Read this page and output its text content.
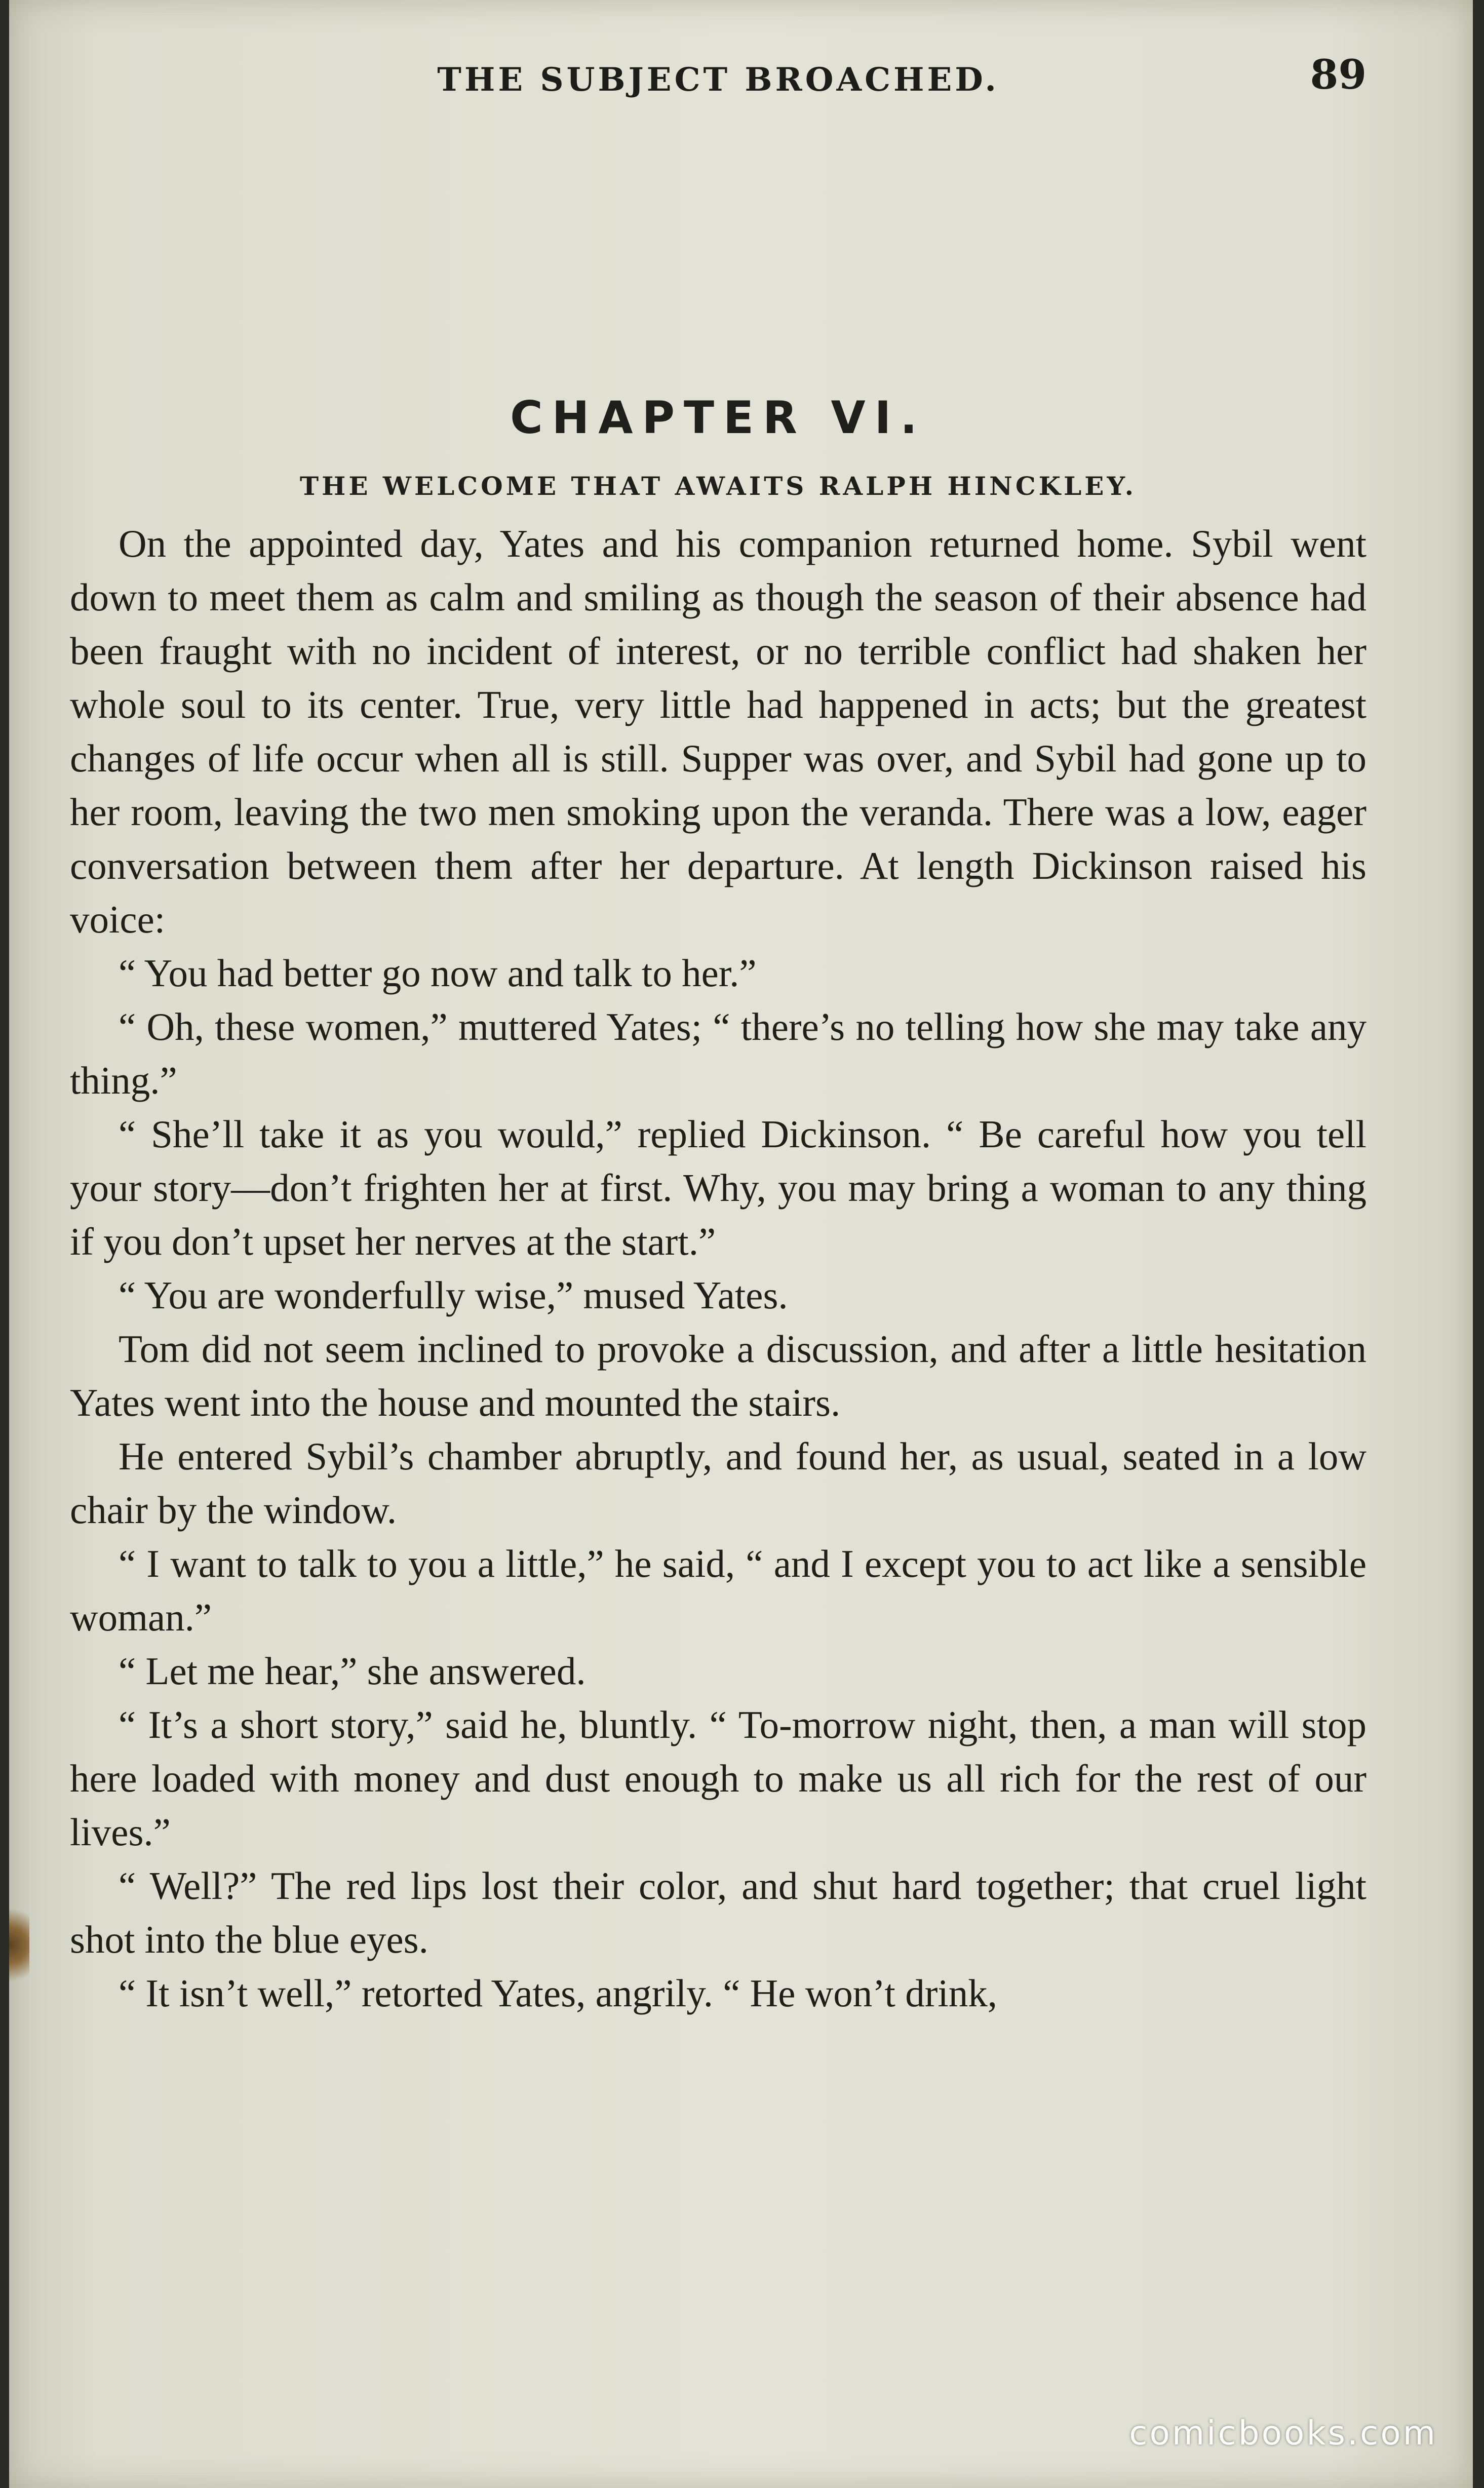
THE SUBJECT BROACHED.	89
CHAPTER VI.
THE WELCOME THAT AWAITS RALPH HINCKLEY.

On the appointed day, Yates and his companion returned home. Sybil went down to meet them as calm and smiling as though the season of their absence had been fraught with no incident of interest, or no terrible conflict had shaken her whole soul to its center. True, very little had happened in acts; but the greatest changes of life occur when all is still. Supper was over, and Sybil had gone up to her room, leaving the two men smoking upon the veranda. There was a low, eager conversation between them after her departure. At length Dickinson raised his voice:

“ You had better go now and talk to her.”

“ Oh, these women,” muttered Yates; “ there’s no telling how she may take any thing.”

“ She’ll take it as you would,” replied Dickinson. “ Be careful how you tell your story—don’t frighten her at first. Why, you may bring a woman to any thing if you don’t upset her nerves at the start.”

“ You are wonderfully wise,” mused Yates.

Tom did not seem inclined to provoke a discussion, and after a little hesitation Yates went into the house and mounted the stairs.

He entered Sybil’s chamber abruptly, and found her, as usual, seated in a low chair by the window.

“ I want to talk to you a little,” he said, “ and I except you to act like a sensible woman.”

“ Let me hear,” she answered.

“ It’s a short story,” said he, bluntly. “ To-morrow night, then, a man will stop here loaded with money and dust enough to make us all rich for the rest of our lives.”

“ Well?” The red lips lost their color, and shut hard together; that cruel light shot into the blue eyes.

“ It isn’t well,” retorted Yates, angrily. “ He won’t drink,

comicbooks.com
